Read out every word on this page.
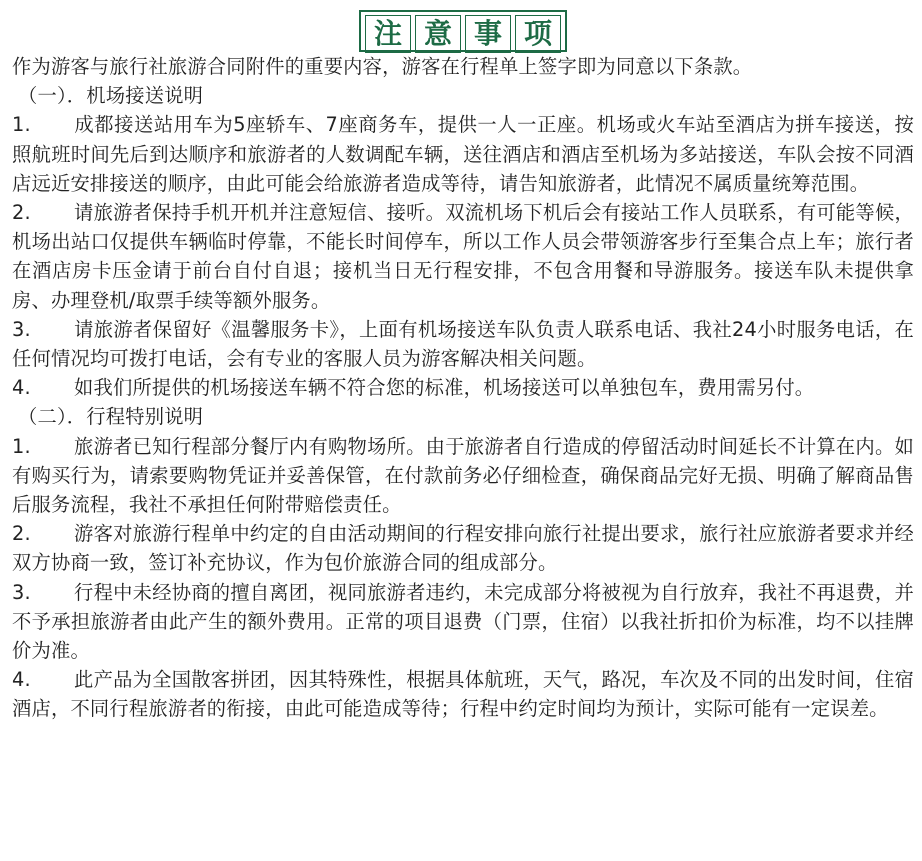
注 意 事 项

作为游客与旅行社旅游合同附件的重要内容，游客在行程单上签字即为同意以下条款。

（一）．机场接送说明

1. 成都接送站用车为5座轿车、7座商务车，提供一人一正座。机场或火车站至酒店为拼车接送，按照航班时间先后到达顺序和旅游者的人数调配车辆，送往酒店和酒店至机场为多站接送，车队会按不同酒店远近安排接送的顺序，由此可能会给旅游者造成等待，请告知旅游者，此情况不属质量统筹范围。

2. 请旅游者保持手机开机并注意短信、接听。双流机场下机后会有接站工作人员联系，有可能等候，机场出站口仅提供车辆临时停靠，不能长时间停车，所以工作人员会带领游客步行至集合点上车；旅行者在酒店房卡压金请于前台自付自退；接机当日无行程安排，不包含用餐和导游服务。接送车队未提供拿房、办理登机/取票手续等额外服务。

3. 请旅游者保留好《温馨服务卡》，上面有机场接送车队负责人联系电话、我社24小时服务电话，在任何情况均可拨打电话，会有专业的客服人员为游客解决相关问题。

4. 如我们所提供的机场接送车辆不符合您的标准，机场接送可以单独包车，费用需另付。

（二）．行程特别说明

1. 旅游者已知行程部分餐厅内有购物场所。由于旅游者自行造成的停留活动时间延长不计算在内。如有购买行为，请索要购物凭证并妥善保管，在付款前务必仔细检查，确保商品完好无损、明确了解商品售后服务流程，我社不承担任何附带赔偿责任。

2. 游客对旅游行程单中约定的自由活动期间的行程安排向旅行社提出要求，旅行社应旅游者要求并经双方协商一致，签订补充协议，作为包价旅游合同的组成部分。

3. 行程中未经协商的擅自离团，视同旅游者违约，未完成部分将被视为自行放弃，我社不再退费，并不予承担旅游者由此产生的额外费用。正常的项目退费（门票，住宿）以我社折扣价为标准，均不以挂牌价为准。

4. 此产品为全国散客拼团，因其特殊性，根据具体航班，天气，路况，车次及不同的出发时间，住宿酒店，不同行程旅游者的衔接，由此可能造成等待；行程中约定时间均为预计，实际可能有一定误差。
